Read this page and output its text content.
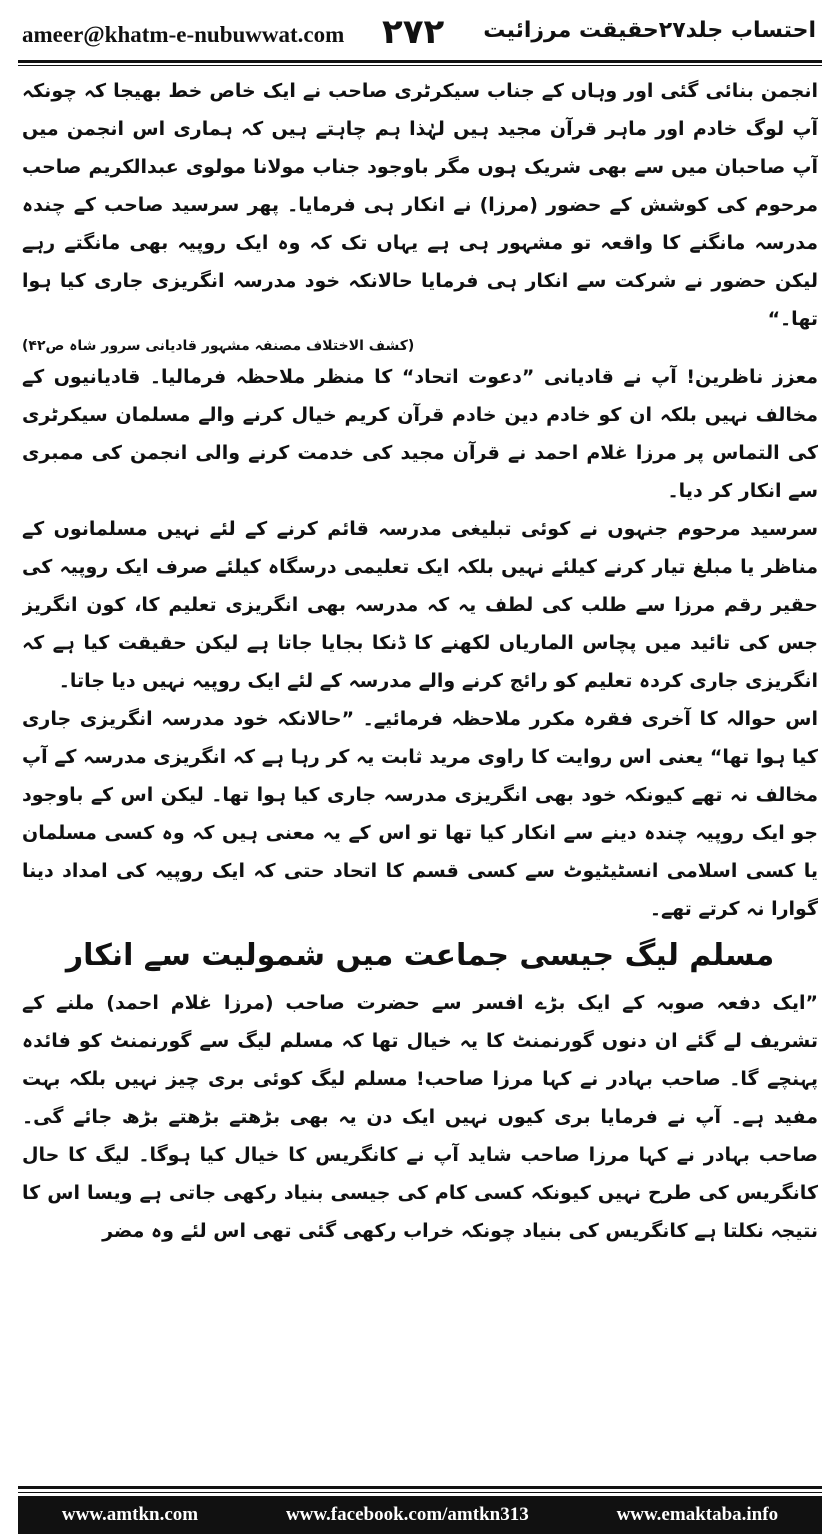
ameer@khatm-e-nubuwwat.com ۲۷۲ احتساب جلد۲۷حقیقت مرزائیت

انجمن بنائی گئی اور وہاں کے جناب سیکرٹری صاحب نے ایک خاص خط بھیجا کہ چونکہ آپ لوگ خادم اور ماہر قرآن مجید ہیں لہٰذا ہم چاہتے ہیں کہ ہماری اس انجمن میں آپ صاحبان میں سے بھی شریک ہوں مگر باوجود جناب مولانا مولوی عبدالکریم صاحب مرحوم کی کوشش کے حضور (مرزا) نے انکار ہی فرمایا۔ پھر سرسید صاحب کے چندہ مدرسہ مانگنے کا واقعہ تو مشہور ہی ہے یہاں تک کہ وہ ایک روپیہ بھی مانگتے رہے لیکن حضور نے شرکت سے انکار ہی فرمایا حالانکہ خود مدرسہ انگریزی جاری کیا ہوا تھا۔“

(کشف الاختلاف مصنفہ مشہور قادیانی سرور شاہ ص۴۲)

معزز ناظرین! آپ نے قادیانی ”دعوت اتحاد“ کا منظر ملاحظہ فرمالیا۔ قادیانیوں کے مخالف نہیں بلکہ ان کو خادم دین خادم قرآن کریم خیال کرنے والے مسلمان سیکرٹری کی التماس پر مرزا غلام احمد نے قرآن مجید کی خدمت کرنے والی انجمن کی ممبری سے انکار کر دیا۔

سرسید مرحوم جنہوں نے کوئی تبلیغی مدرسہ قائم کرنے کے لئے نہیں مسلمانوں کے مناظر یا مبلغ تیار کرنے کیلئے نہیں بلکہ ایک تعلیمی درسگاہ کیلئے صرف ایک روپیہ کی حقیر رقم مرزا سے طلب کی لطف یہ کہ مدرسہ بھی انگریزی تعلیم کا، کون انگریز جس کی تائید میں پچاس الماریاں لکھنے کا ڈنکا بجایا جاتا ہے لیکن حقیقت کیا ہے کہ انگریزی جاری کردہ تعلیم کو رائج کرنے والے مدرسہ کے لئے ایک روپیہ نہیں دیا جاتا۔

اس حوالہ کا آخری فقرہ مکرر ملاحظہ فرمائیے۔ ”حالانکہ خود مدرسہ انگریزی جاری کیا ہوا تھا“ یعنی اس روایت کا راوی مرید ثابت یہ کر رہا ہے کہ انگریزی مدرسہ کے آپ مخالف نہ تھے کیونکہ خود بھی انگریزی مدرسہ جاری کیا ہوا تھا۔ لیکن اس کے باوجود جو ایک روپیہ چندہ دینے سے انکار کیا تھا تو اس کے یہ معنی ہیں کہ وہ کسی مسلمان یا کسی اسلامی انسٹیٹیوٹ سے کسی قسم کا اتحاد حتی کہ ایک روپیہ کی امداد دینا گوارا نہ کرتے تھے۔

مسلم لیگ جیسی جماعت میں شمولیت سے انکار

”ایک دفعہ صوبہ کے ایک بڑے افسر سے حضرت صاحب (مرزا غلام احمد) ملنے کے تشریف لے گئے ان دنوں گورنمنٹ کا یہ خیال تھا کہ مسلم لیگ سے گورنمنٹ کو فائدہ پہنچے گا۔ صاحب بہادر نے کہا مرزا صاحب! مسلم لیگ کوئی بری چیز نہیں بلکہ بہت مفید ہے۔ آپ نے فرمایا بری کیوں نہیں ایک دن یہ بھی بڑھتے بڑھتے بڑھ جائے گی۔ صاحب بہادر نے کہا مرزا صاحب شاید آپ نے کانگریس کا خیال کیا ہوگا۔ لیگ کا حال کانگریس کی طرح نہیں کیونکہ کسی کام کی جیسی بنیاد رکھی جاتی ہے ویسا اس کا نتیجہ نکلتا ہے کانگریس کی بنیاد چونکہ خراب رکھی گئی تھی اس لئے وہ مضر

www.amtkn.com	www.facebook.com/amtkn313	www.emaktaba.info
